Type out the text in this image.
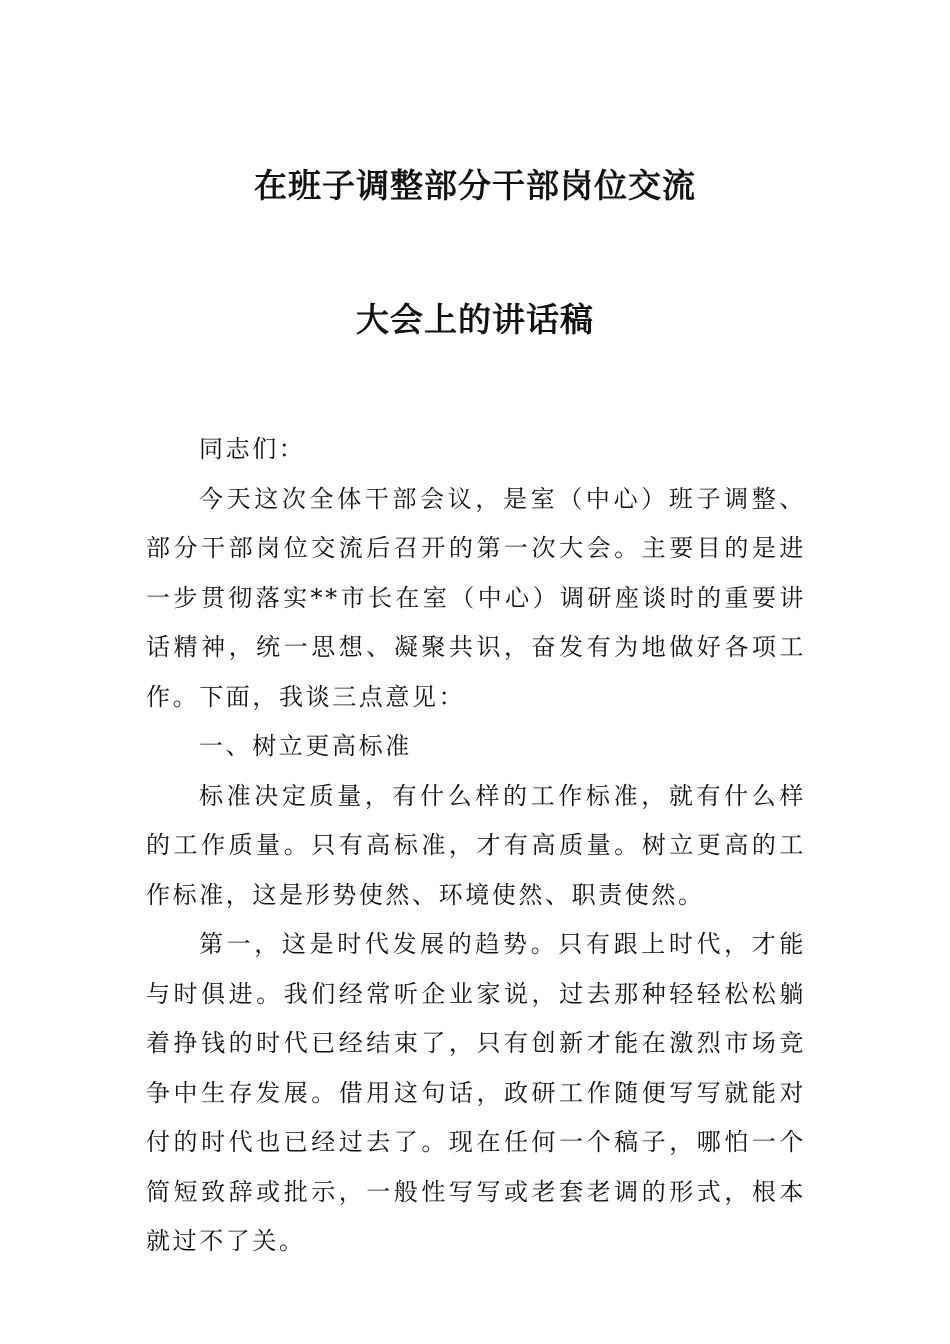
在班子调整部分干部岗位交流
大会上的讲话稿

同志们：

今天这次全体干部会议，是室（中心）班子调整、部分干部岗位交流后召开的第一次大会。主要目的是进一步贯彻落实**市长在室（中心）调研座谈时的重要讲话精神，统一思想、凝聚共识，奋发有为地做好各项工作。下面，我谈三点意见：

一、树立更高标准

标准决定质量，有什么样的工作标准，就有什么样的工作质量。只有高标准，才有高质量。树立更高的工作标准，这是形势使然、环境使然、职责使然。

第一，这是时代发展的趋势。只有跟上时代，才能与时俱进。我们经常听企业家说，过去那种轻轻松松躺着挣钱的时代已经结束了，只有创新才能在激烈市场竞争中生存发展。借用这句话，政研工作随便写写就能对付的时代也已经过去了。现在任何一个稿子，哪怕一个简短致辞或批示，一般性写写或老套老调的形式，根本就过不了关。
